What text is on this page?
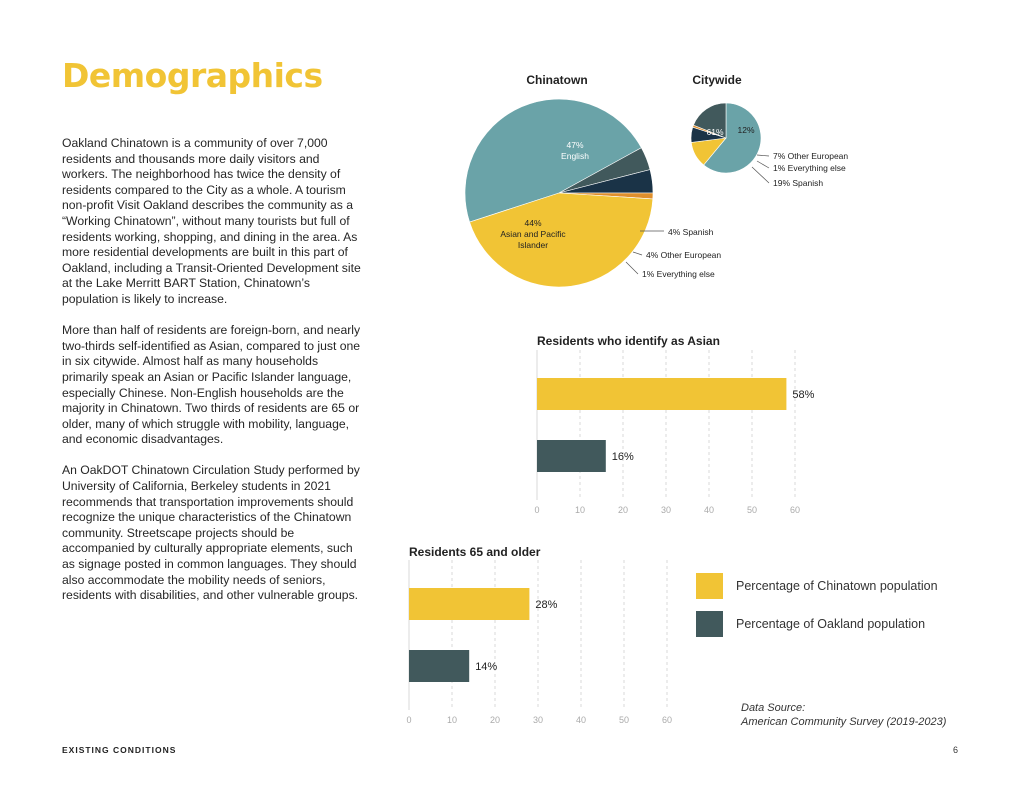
Demographics

Oakland Chinatown is a community of over 7,000 residents and thousands more daily visitors and workers. The neighborhood has twice the density of residents compared to the City as a whole. A tourism non-profit Visit Oakland describes the community as a “Working Chinatown”, without many tourists but full of residents working, shopping, and dining in the area. As more residential developments are built in this part of Oakland, including a Transit-Oriented Development site at the Lake Merritt BART Station, Chinatown’s population is likely to increase.

More than half of residents are foreign-born, and nearly two-thirds self-identified as Asian, compared to just one in six citywide. Almost half as many households primarily speak an Asian or Pacific Islander language, especially Chinese. Non-English households are the majority in Chinatown. Two thirds of residents are 65 or older, many of which struggle with mobility, language, and economic disadvantages.

An OakDOT Chinatown Circulation Study performed by University of California, Berkeley students in 2021 recommends that transportation improvements should recognize the unique characteristics of the Chinatown community. Streetscape projects should be accompanied by culturally appropriate elements, such as signage posted in common languages. They should also accommodate the mobility needs of seniors, residents with disabilities, and other vulnerable groups.

Chinatown	Citywide
47%
English
4% Spanish
4% Other European
1% Everything else
44%
Asian and Pacific
Islander
61% 12%
7% Other European
1% Everything else
19% Spanish
Residents who identify as Asian
0	10	20	30	40	50	60
58%
16%
Residents 65 and older
0	10	20	30	40	50	60
28%
14%
Percentage of Chinatown population
Percentage of Oakland population
Data Source:
American Community Survey (2019-2023)
EXISTING CONDITIONS	6
